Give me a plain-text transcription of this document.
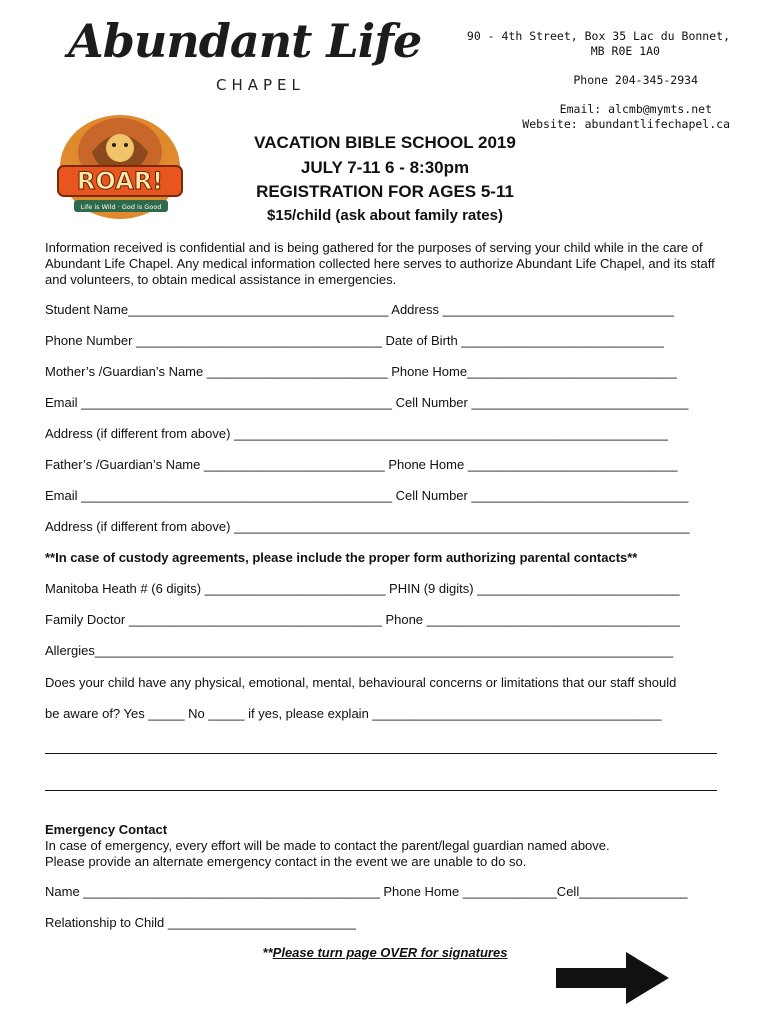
Abundant Life
CHAPEL
90 - 4th Street, Box 35 Lac du Bonnet,
MB R0E 1A0
Phone 204-345-2934
Email: alcmb@mymts.net
Website: abundantlifechapel.ca
ROAR!
Life is Wild · God is Good
VACATION BIBLE SCHOOL 2019
JULY 7-11 6 - 8:30pm
REGISTRATION FOR AGES 5-11
$15/child (ask about family rates)
Information received is confidential and is being gathered for the purposes of serving your child while in the care of Abundant Life Chapel. Any medical information collected here serves to authorize Abundant Life Chapel, and its staff and volunteers, to obtain medical assistance in emergencies.
Student Name____________________________________ Address ________________________________
Phone Number __________________________________ Date of Birth ____________________________
Mother’s /Guardian’s Name _________________________ Phone Home_____________________________
Email ___________________________________________ Cell Number ______________________________
Address (if different from above) ____________________________________________________________
Father’s /Guardian’s Name _________________________ Phone Home _____________________________
Email ___________________________________________ Cell Number ______________________________
Address (if different from above) _______________________________________________________________
**In case of custody agreements, please include the proper form authorizing parental contacts**
Manitoba Heath # (6 digits) _________________________ PHIN (9 digits) ____________________________
Family Doctor ___________________________________ Phone ___________________________________
Allergies________________________________________________________________________________
Does your child have any physical, emotional, mental, behavioural concerns or limitations that our staff should
be aware of? Yes _____ No _____ if yes, please explain ________________________________________
Emergency Contact
In case of emergency, every effort will be made to contact the parent/legal guardian named above.
Please provide an alternate emergency contact in the event we are unable to do so.
Name _________________________________________ Phone Home _____________Cell_______________
Relationship to Child __________________________
**Please turn page OVER for signatures
